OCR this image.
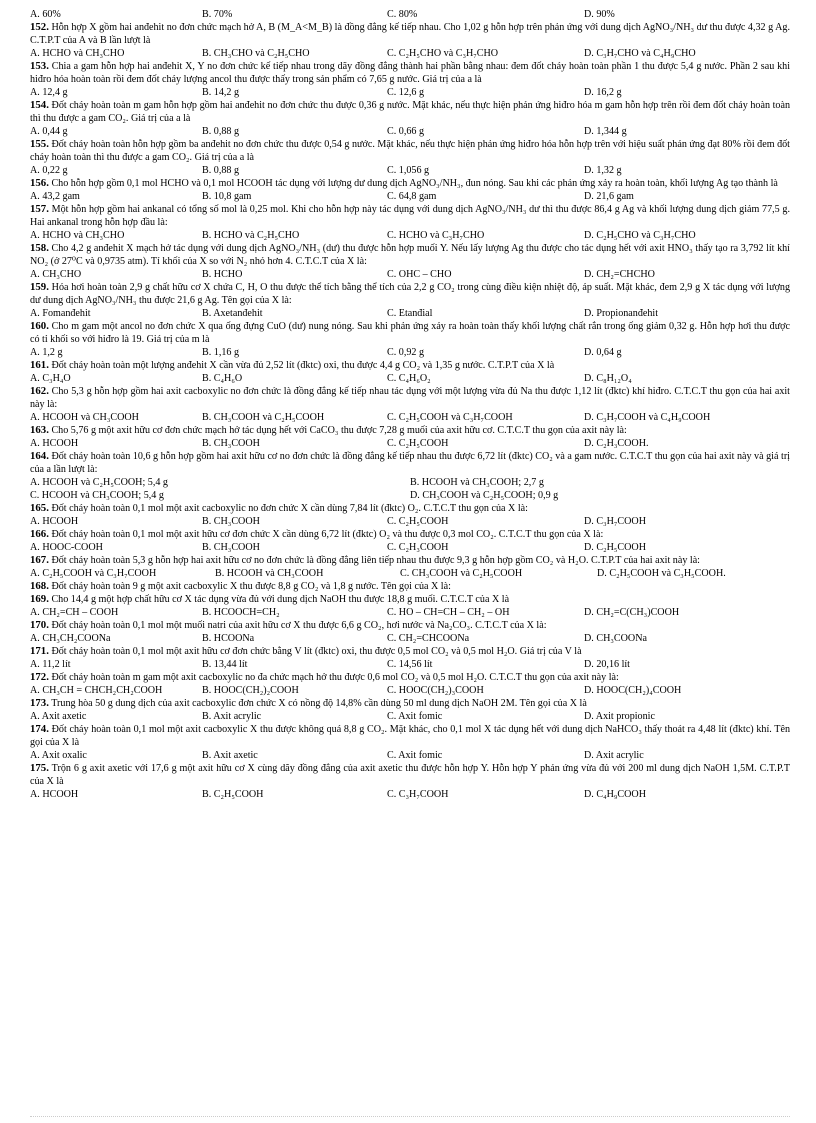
A. 60%	B. 70%	C. 80%	D. 90%
152. Hỗn hợp X gồm hai anđehit no đơn chức mạch hở A, B (M_A<M_B) là đồng đẳng kế tiếp nhau. Cho 1,02 g hỗn hợp trên phản ứng với dung dịch AgNO₃/NH₃ dư thu được 4,32 g Ag. C.T.P.T của A và B lần lượt là
A. HCHO và CH₃CHO	B. CH₃CHO và C₂H₅CHO	C. C₂H₅CHO và C₃H₇CHO	D. C₃H₇CHO và C₄H₉CHO
153. Chia a gam hỗn hợp hai anđehit X, Y no đơn chức kế tiếp nhau trong dãy đồng đẳng thành hai phần bằng nhau: đem đốt cháy hoàn toàn phần 1 thu được 5,4 g nước. Phần 2 sau khi hiđro hóa hoàn toàn rồi đem đốt cháy lượng ancol thu được thấy trong sản phẩm có 7,65 g nước. Giá trị của a là
A. 12,4 g	B. 14,2 g	C. 12,6 g	D. 16,2 g
154. Đốt cháy hoàn toàn m gam hỗn hợp gồm hai anđehit no đơn chức thu được 0,36 g nước. Mặt khác, nếu thực hiện phản ứng hiđro hóa m gam hỗn hợp trên rồi đem đốt cháy hoàn toàn thì thu được a gam CO₂. Giá trị của a là
A. 0,44 g	B. 0,88 g	C. 0,66 g	D. 1,344 g
155. Đốt cháy hoàn toàn hỗn hợp gồm ba anđehit no đơn chức thu được 0,54 g nước. Mặt khác, nếu thực hiện phản ứng hiđro hóa hỗn hợp trên với hiệu suất phản ứng đạt 80% rồi đem đốt cháy hoàn toàn thì thu được a gam CO₂. Giá trị của a là
A. 0,22 g	B. 0,88 g	C. 1,056 g	D. 1,32 g
156. Cho hỗn hợp gồm 0,1 mol HCHO và 0,1 mol HCOOH tác dụng với lượng dư dung dịch AgNO₃/NH₃, đun nóng. Sau khi các phản ứng xảy ra hoàn toàn, khối lượng Ag tạo thành là
A. 43,2 gam	B. 10,8 gam	C. 64,8 gam	D. 21,6 gam
157. Một hỗn hợp gồm hai ankanal có tổng số mol là 0,25 mol. Khi cho hỗn hợp này tác dụng với dung dịch AgNO₃/NH₃ dư thì thu được 86,4 g Ag và khối lượng dung dịch giảm 77,5 g. Hai ankanal trong hỗn hợp đầu là:
A. HCHO và CH₃CHO	B. HCHO và C₂H₅CHO	C. HCHO và C₃H₇CHO	D. C₂H₅CHO và C₃H₇CHO
158. Cho 4,2 g anđehit X mạch hở tác dụng với dung dịch AgNO₃/NH₃ (dư) thu được hỗn hợp muối Y. Nếu lấy lượng Ag thu được cho tác dụng hết với axit HNO₃ thấy tạo ra 3,792 lít khí NO₂ (ở 27⁰C và 0,9735 atm). Tỉ khối của X so với N₂ nhỏ hơn 4. C.T.C.T của X là:
A. CH₃CHO	B. HCHO	C. OHC – CHO	D. CH₂=CHCHO
159. Hóa hơi hoàn toàn 2,9 g chất hữu cơ X chứa C, H, O thu được thể tích bằng thể tích của 2,2 g CO₂ trong cùng điều kiện nhiệt độ, áp suất. Mặt khác, đem 2,9 g X tác dụng với lượng dư dung dịch AgNO₃/NH₃ thu được 21,6 g Ag. Tên gọi của X là:
A. Fomanđehit	B. Axetanđehit	C. Etanđial	D. Propionanđehit
160. Cho m gam một ancol no đơn chức X qua ống đựng CuO (dư) nung nóng. Sau khi phản ứng xảy ra hoàn toàn thấy khối lượng chất rắn trong ống giảm 0,32 g. Hỗn hợp hơi thu được có tỉ khối so với hiđro là 19. Giá trị của m là
A. 1,2 g	B. 1,16 g	C. 0,92 g	D. 0,64 g
161. Đốt cháy hoàn toàn một lượng anđehit X cần vừa đủ 2,52 lít (đktc) oxi, thu được 4,4 g CO₂ và 1,35 g nước. C.T.P.T của X là
A. C₃H₄O	B. C₄H₆O	C. C₄H₆O₂	D. C₈H₁₂O₄
162. Cho 5,3 g hỗn hợp gồm hai axit cacboxylic no đơn chức là đồng đẳng kế tiếp nhau tác dụng với một lượng vừa đủ Na thu được 1,12 lít (đktc) khí hiđro. C.T.C.T thu gọn của hai axit này là:
A. HCOOH và CH₃COOH	B. CH₃COOH và C₂H₅COOH	C. C₂H₅COOH và C₃H₇COOH	D. C₃H₇COOH và C₄H₉COOH
163. Cho 5,76 g một axit hữu cơ đơn chức mạch hở tác dụng hết với CaCO₃ thu được 7,28 g muối của axit hữu cơ. C.T.C.T thu gọn của axit này là:
A. HCOOH	B. CH₃COOH	C. C₂H₅COOH	D. C₂H₃COOH.
164. Đốt cháy hoàn toàn 10,6 g hỗn hợp gồm hai axit hữu cơ no đơn chức là đồng đẳng kế tiếp nhau thu được 6,72 lít (đktc) CO₂ và a gam nước. C.T.C.T thu gọn của hai axit này và giá trị của a lần lượt là:
A. HCOOH và C₂H₅COOH; 5,4 g	B. HCOOH và CH₃COOH; 2,7 g
C. HCOOH và CH₃COOH; 5,4 g	D. CH₃COOH và C₂H₅COOH; 0,9 g
165. Đốt cháy hoàn toàn 0,1 mol một axit cacboxylic no đơn chức X cần dùng 7,84 lít (đktc) O₂. C.T.C.T thu gọn của X là:
A. HCOOH	B. CH₃COOH	C. C₂H₅COOH	D. C₃H₇COOH
166. Đốt cháy hoàn toàn 0,1 mol một axit hữu cơ đơn chức X cần dùng 6,72 lít (đktc) O₂ và thu được 0,3 mol CO₂. C.T.C.T thu gọn của X là:
A. HOOC-COOH	B. CH₃COOH	C. C₂H₃COOH	D. C₂H₅COOH
167. Đốt cháy hoàn toàn 5,3 g hỗn hợp hai axit hữu cơ no đơn chức là đồng đẳng liên tiếp nhau thu được 9,3 g hỗn hợp gồm CO₂ và H₂O. C.T.P.T của hai axit này là:
A. C₂H₅COOH và C₃H₇COOH	B. HCOOH và CH₃COOH	C. CH₃COOH và C₂H₅COOH	D. C₂H₅COOH và C₃H₅COOH.
168. Đốt cháy hoàn toàn 9 g một axit cacboxylic X thu được 8,8 g CO₂ và 1,8 g nước. Tên gọi của X là:
169. Cho 14,4 g một hợp chất hữu cơ X tác dụng vừa đủ với dung dịch NaOH thu được 18,8 g muối. C.T.C.T của X là
A. CH₂=CH – COOH	B. HCOOCH=CH₂	C. HO – CH=CH – CH₂ – OH	D. CH₂=C(CH₃)COOH
170. Đốt cháy hoàn toàn 0,1 mol một muối natri của axit hữu cơ X thu được 6,6 g CO₂, hơi nước và Na₂CO₃. C.T.C.T của X là:
A. CH₃CH₂COONa	B. HCOONa	C. CH₂=CHCOONa	D. CH₃COONa
171. Đốt cháy hoàn toàn 0,1 mol một axit hữu cơ đơn chức bằng V lít (đktc) oxi, thu được 0,5 mol CO₂ và 0,5 mol H₂O. Giá trị của V là
A. 11,2 lít	B. 13,44 lít	C. 14,56 lít	D. 20,16 lít
172. Đốt cháy hoàn toàn m gam một axit cacboxylic no đa chức mạch hở thu được 0,6 mol CO₂ và 0,5 mol H₂O. C.T.C.T thu gọn của axit này là:
A. CH₃CH = CHCH₂CH₂COOH	B. HOOC(CH₂)₂COOH	C. HOOC(CH₂)₃COOH	D. HOOC(CH₂)₄COOH
173. Trung hòa 50 g dung dịch của axit cacboxylic đơn chức X có nồng độ 14,8% cần dùng 50 ml dung dịch NaOH 2M. Tên gọi của X là
A. Axit axetic	B. Axit acrylic	C. Axit fomic	D. Axit propionic
174. Đốt cháy hoàn toàn 0,1 mol một axit cacboxylic X thu được không quá 8,8 g CO₂. Mặt khác, cho 0,1 mol X tác dụng hết với dung dịch NaHCO₃ thấy thoát ra 4,48 lít (đktc) khí. Tên gọi của X là
A. Axit oxalic	B. Axit axetic	C. Axit fomic	D. Axit acrylic
175. Trộn 6 g axit axetic với 17,6 g một axit hữu cơ X cùng dãy đồng đẳng của axit axetic thu được hỗn hợp Y. Hỗn hợp Y phản ứng vừa đủ với 200 ml dung dịch NaOH 1,5M. C.T.P.T của X là
A. HCOOH	B. C₂H₅COOH	C. C₃H₇COOH	D. C₄H₉COOH
